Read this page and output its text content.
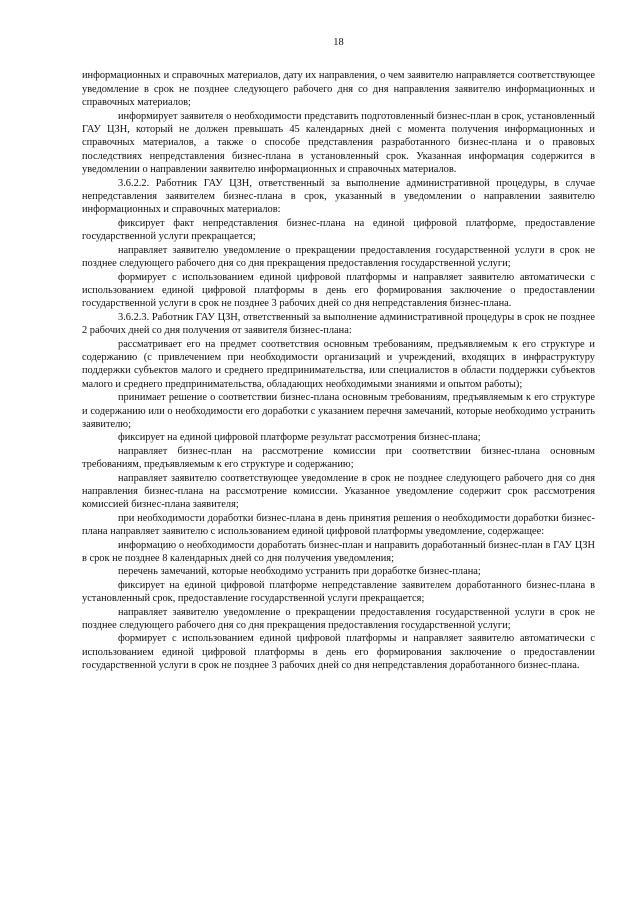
18

информационных и справочных материалов, дату их направления, о чем заявителю направляется соответствующее уведомление в срок не позднее следующего рабочего дня со дня направления заявителю информационных и справочных материалов;

информирует заявителя о необходимости представить подготовленный бизнес-план в срок, установленный ГАУ ЦЗН, который не должен превышать 45 календарных дней с момента получения информационных и справочных материалов, а также о способе представления разработанного бизнес-плана и о правовых последствиях непредставления бизнес-плана в установленный срок. Указанная информация содержится в уведомлении о направлении заявителю информационных и справочных материалов.

3.6.2.2. Работник ГАУ ЦЗН, ответственный за выполнение административной процедуры, в случае непредставления заявителем бизнес-плана в срок, указанный в уведомлении о направлении заявителю информационных и справочных материалов:

фиксирует факт непредставления бизнес-плана на единой цифровой платформе, предоставление государственной услуги прекращается;

направляет заявителю уведомление о прекращении предоставления государственной услуги в срок не позднее следующего рабочего дня со дня прекращения предоставления государственной услуги;

формирует с использованием единой цифровой платформы и направляет заявителю автоматически с использованием единой цифровой платформы в день его формирования заключение о предоставлении государственной услуги в срок не позднее 3 рабочих дней со дня непредставления бизнес-плана.

3.6.2.3. Работник ГАУ ЦЗН, ответственный за выполнение административной процедуры в срок не позднее 2 рабочих дней со дня получения от заявителя бизнес-плана:

рассматривает его на предмет соответствия основным требованиям, предъявляемым к его структуре и содержанию (с привлечением при необходимости организаций и учреждений, входящих в инфраструктуру поддержки субъектов малого и среднего предпринимательства, или специалистов в области поддержки субъектов малого и среднего предпринимательства, обладающих необходимыми знаниями и опытом работы);

принимает решение о соответствии бизнес-плана основным требованиям, предъявляемым к его структуре и содержанию или о необходимости его доработки с указанием перечня замечаний, которые необходимо устранить заявителю;

фиксирует на единой цифровой платформе результат рассмотрения бизнес-плана;

направляет бизнес-план на рассмотрение комиссии при соответствии бизнес-плана основным требованиям, предъявляемым к его структуре и содержанию;

направляет заявителю соответствующее уведомление в срок не позднее следующего рабочего дня со дня направления бизнес-плана на рассмотрение комиссии. Указанное уведомление содержит срок рассмотрения комиссией бизнес-плана заявителя;

при необходимости доработки бизнес-плана в день принятия решения о необходимости доработки бизнес-плана направляет заявителю с использованием единой цифровой платформы уведомление, содержащее:

информацию о необходимости доработать бизнес-план и направить доработанный бизнес-план в ГАУ ЦЗН в срок не позднее 8 календарных дней со дня получения уведомления;

перечень замечаний, которые необходимо устранить при доработке бизнес-плана;

фиксирует на единой цифровой платформе непредставление заявителем доработанного бизнес-плана в установленный срок, предоставление государственной услуги прекращается;

направляет заявителю уведомление о прекращении предоставления государственной услуги в срок не позднее следующего рабочего дня со дня прекращения предоставления государственной услуги;

формирует с использованием единой цифровой платформы и направляет заявителю автоматически с использованием единой цифровой платформы в день его формирования заключение о предоставлении государственной услуги в срок не позднее 3 рабочих дней со дня непредставления доработанного бизнес-плана.
